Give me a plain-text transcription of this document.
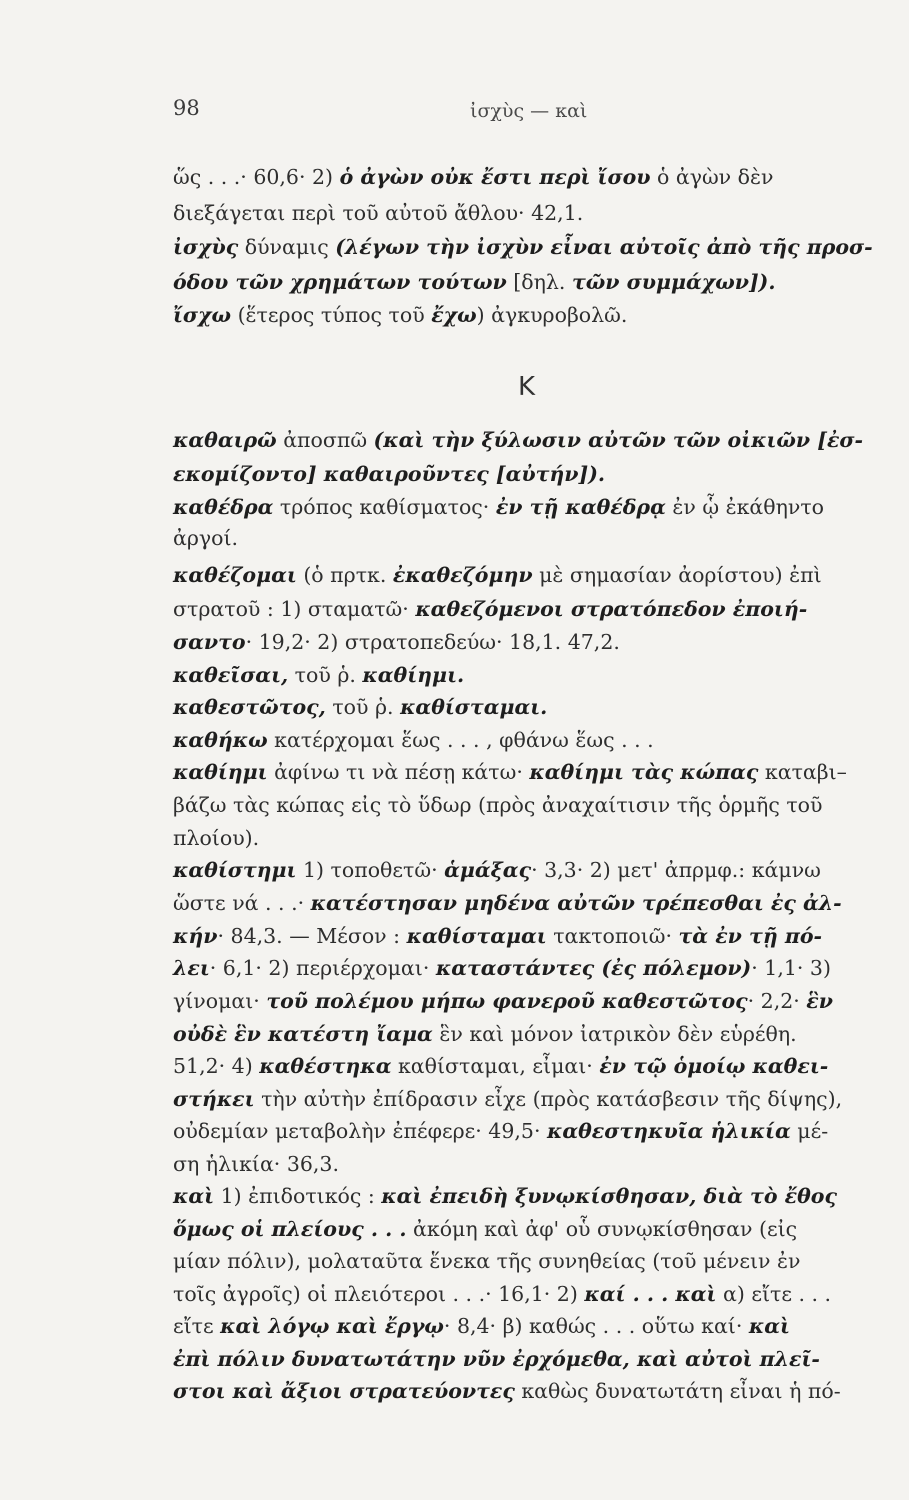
98	ἰσχὺς — καὶ
Κ
ὥς . . .· 60,6· 2) ὁ ἀγὼν οὐκ ἔστι περὶ ἴσου ὁ ἀγὼν δὲν
διεξάγεται περὶ τοῦ αὐτοῦ ἄθλου· 42,1.
ἰσχὺς δύναμις (λέγων τὴν ἰσχὺν εἶναι αὐτοῖς ἀπὸ τῆς προσ-
όδου τῶν χρημάτων τούτων [δηλ. τῶν συμμάχων]).
ἴσχω (ἕτερος τύπος τοῦ ἔχω) ἀγκυροβολῶ.
καθαιρῶ ἀποσπῶ (καὶ τὴν ξύλωσιν αὐτῶν τῶν οἰκιῶν [ἐσ-
εκομίζοντο] καθαιροῦντες [αὐτήν]).
καθέδρα τρόπος καθίσματος· ἐν τῇ καθέδρᾳ ἐν ᾧ ἐκάθηντο
ἀργοί.
καθέζομαι (ὁ πρτκ. ἐκαθεζόμην μὲ σημασίαν ἀορίστου) ἐπὶ
στρατοῦ : 1) σταματῶ· καθεζόμενοι στρατόπεδον ἐποιή-
σαντο· 19,2· 2) στρατοπεδεύω· 18,1. 47,2.
καθεῖσαι, τοῦ ῥ. καθίημι.
καθεστῶτος, τοῦ ῥ. καθίσταμαι.
καθήκω κατέρχομαι ἕως . . . , φθάνω ἕως . . .
καθίημι ἀφίνω τι νὰ πέσῃ κάτω· καθίημι τὰς κώπας καταβι–
βάζω τὰς κώπας εἰς τὸ ὕδωρ (πρὸς ἀναχαίτισιν τῆς ὁρμῆς τοῦ
πλοίου).
καθίστημι 1) τοποθετῶ· ἁμάξας· 3,3· 2) μετ' ἀπρμφ.: κάμνω
ὥστε νά . . .· κατέστησαν μηδένα αὐτῶν τρέπεσθαι ἐς ἀλ-
κήν· 84,3. — Μέσον : καθίσταμαι τακτοποιῶ· τὰ ἐν τῇ πό-
λει· 6,1· 2) περιέρχομαι· καταστάντες (ἐς πόλεμον)· 1,1· 3)
γίνομαι· τοῦ πολέμου μήπω φανεροῦ καθεστῶτος· 2,2· ἓν
οὐδὲ ἓν κατέστη ἴαμα ἓν καὶ μόνον ἰατρικὸν δὲν εὑρέθη.
51,2· 4) καθέστηκα καθίσταμαι, εἶμαι· ἐν τῷ ὁμοίῳ καθει-
στήκει τὴν αὐτὴν ἐπίδρασιν εἶχε (πρὸς κατάσβεσιν τῆς δίψης),
οὐδεμίαν μεταβολὴν ἐπέφερε· 49,5· καθεστηκυῖα ἡλικία μέ-
ση ἡλικία· 36,3.
καὶ 1) ἐπιδοτικός : καὶ ἐπειδὴ ξυνῳκίσθησαν, διὰ τὸ ἔθος
ὅμως οἱ πλείους . . . ἀκόμη καὶ ἀφ' οὗ συνῳκίσθησαν (εἰς
μίαν πόλιν), μολαταῦτα ἕνεκα τῆς συνηθείας (τοῦ μένειν ἐν
τοῖς ἀγροῖς) οἱ πλειότεροι . . .· 16,1· 2) καί . . . καὶ α) εἴτε . . .
εἴτε καὶ λόγῳ καὶ ἔργῳ· 8,4· β) καθώς . . . οὕτω καί· καὶ
ἐπὶ πόλιν δυνατωτάτην νῦν ἐρχόμεθα, καὶ αὐτοὶ πλεῖ-
στοι καὶ ἄξιοι στρατεύοντες καθὼς δυνατωτάτη εἶναι ἡ πό-
